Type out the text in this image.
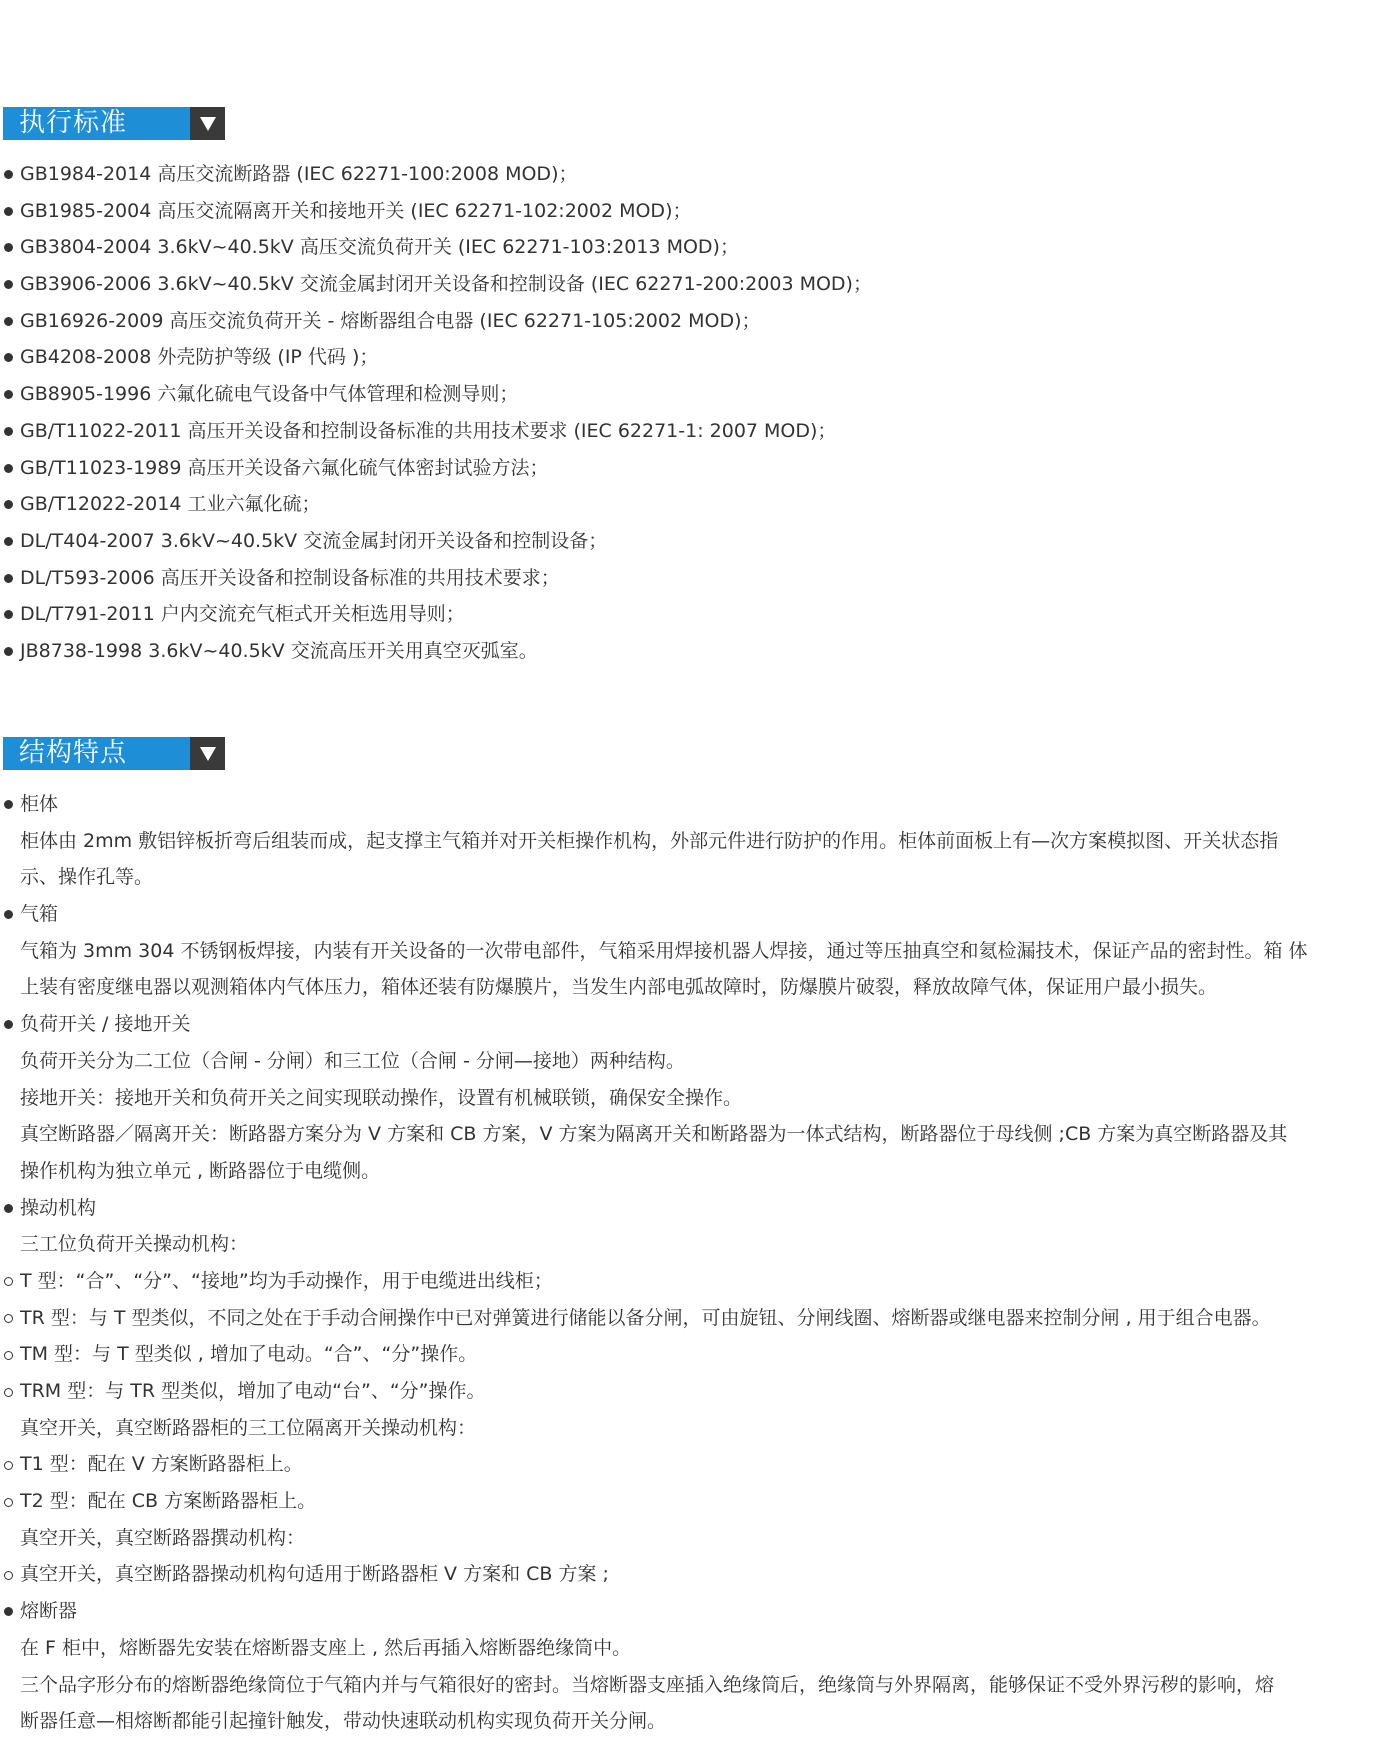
执行标准
GB1984-2014 高压交流断路器 (IEC 62271-100:2008 MOD)；
GB1985-2004 高压交流隔离开关和接地开关 (IEC 62271-102:2002 MOD)；
GB3804-2004 3.6kV~40.5kV 高压交流负荷开关 (IEC 62271-103:2013 MOD)；
GB3906-2006 3.6kV~40.5kV 交流金属封闭开关设备和控制设备 (IEC 62271-200:2003 MOD)；
GB16926-2009 高压交流负荷开关 - 熔断器组合电器 (IEC 62271-105:2002 MOD)；
GB4208-2008 外壳防护等级 (IP 代码 )；
GB8905-1996 六氟化硫电气设备中气体管理和检测导则；
GB/T11022-2011 高压开关设备和控制设备标准的共用技术要求 (IEC 62271-1: 2007 MOD)；
GB/T11023-1989 高压开关设备六氟化硫气体密封试验方法；
GB/T12022-2014 工业六氟化硫；
DL/T404-2007 3.6kV~40.5kV 交流金属封闭开关设备和控制设备；
DL/T593-2006 高压开关设备和控制设备标准的共用技术要求；
DL/T791-2011 户内交流充气柜式开关柜选用导则；
JB8738-1998 3.6kV~40.5kV 交流高压开关用真空灭弧室。
结构特点
柜体
柜体由 2mm 敷铝锌板折弯后组装而成，起支撑主气箱并对开关柜操作机构，外部元件进行防护的作用。柜体前面板上有—次方案模拟图、开关状态指
示、操作孔等。
气箱
气箱为 3mm 304 不锈钢板焊接，内装有开关设备的一次带电部件，气箱采用焊接机器人焊接，通过等压抽真空和氦检漏技术，保证产品的密封性。箱 体
上装有密度继电器以观测箱体内气体压力，箱体还装有防爆膜片，当发生内部电弧故障时，防爆膜片破裂，释放故障气体，保证用户最小损失。
负荷开关 / 接地开关
负荷开关分为二工位（合闸 - 分闸）和三工位（合闸 - 分闸—接地）两种结构。
接地开关：接地开关和负荷开关之间实现联动操作，设置有机械联锁，确保安全操作。
真空断路器／隔离开关：断路器方案分为 V 方案和 CB 方案，V 方案为隔离开关和断路器为一体式结构，断路器位于母线侧 ;CB 方案为真空断路器及其
操作机构为独立单元 , 断路器位于电缆侧。
操动机构
三工位负荷开关操动机构：
T 型：“合”、“分”、“接地”均为手动操作，用于电缆进出线柜；
TR 型：与 T 型类似，不同之处在于手动合闸操作中已对弹簧进行储能以备分闸，可由旋钮、分闸线圈、熔断器或继电器来控制分闸 , 用于组合电器。
TM 型：与 T 型类似 , 增加了电动。“合”、“分”操作。
TRM 型：与 TR 型类似，增加了电动“台”、“分”操作。
真空开关，真空断路器柜的三工位隔离开关操动机构：
T1 型：配在 V 方案断路器柜上。
T2 型：配在 CB 方案断路器柜上。
真空开关，真空断路器撰动机构：
真空开关，真空断路器操动机构句适用于断路器柜 V 方案和 CB 方案 ;
熔断器
在 F 柜中，熔断器先安装在熔断器支座上 , 然后再插入熔断器绝缘筒中。
三个品字形分布的熔断器绝缘筒位于气箱内并与气箱很好的密封。当熔断器支座插入绝缘筒后，绝缘筒与外界隔离，能够保证不受外界污秽的影响，熔
断器任意—相熔断都能引起撞针触发，带动快速联动机构实现负荷开关分闸。
